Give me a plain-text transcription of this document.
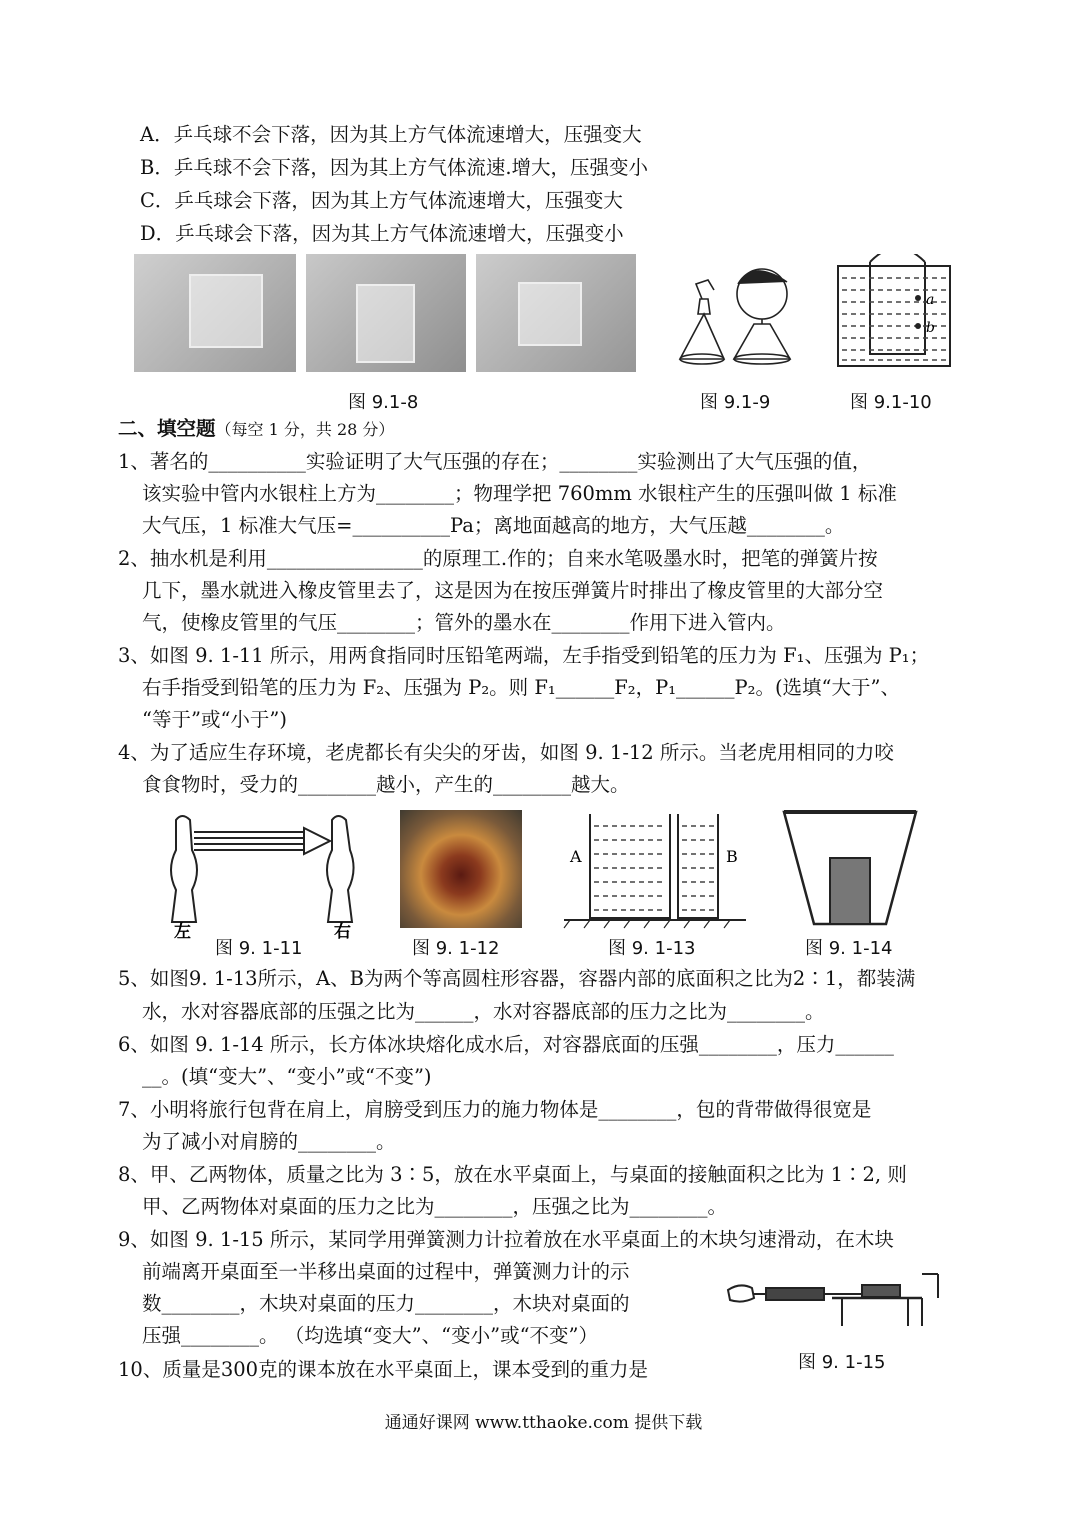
A．乒乓球不会下落，因为其上方气体流速增大，压强变大
B．乒乓球不会下落，因为其上方气体流速.增大，压强变小
C．乒乓球会下落，因为其上方气体流速增大，压强变大
D．乒乓球会下落，因为其上方气体流速增大，压强变小
图 9.1-8	图 9.1-9
a
b
图 9.1-10
二、填空题（每空 1 分，共 28 分）
1、著名的__________实验证明了大气压强的存在；________实验测出了大气压强的值，
该实验中管内水银柱上方为________；物理学把 760mm 水银柱产生的压强叫做 1 标准
大气压，1 标准大气压=__________Pa；离地面越高的地方，大气压越________。
2、抽水机是利用________________的原理工.作的；自来水笔吸墨水时，把笔的弹簧片按
几下，墨水就进入橡皮管里去了，这是因为在按压弹簧片时排出了橡皮管里的大部分空
气，使橡皮管里的气压________；管外的墨水在________作用下进入管内。
3、如图 9. 1-11 所示，用两食指同时压铅笔两端，左手指受到铅笔的压力为 F₁、压强为 P₁；
右手指受到铅笔的压力为 F₂、压强为 P₂。则 F₁______F₂，P₁______P₂。(选填“大于”、
“等于”或“小于”)
4、为了适应生存环境，老虎都长有尖尖的牙齿，如图 9. 1-12 所示。当老虎用相同的力咬
食食物时，受力的________越小，产生的________越大。
左	右
图 9. 1-11	图 9. 1-12
A	B
图 9. 1-13	图 9. 1-14
5、如图9. 1-13所示，A、B为两个等高圆柱形容器，容器内部的底面积之比为2∶1，都装满
水，水对容器底部的压强之比为______，水对容器底部的压力之比为________。
6、如图 9. 1-14 所示，长方体冰块熔化成水后，对容器底面的压强________，压力______
__。(填“变大”、“变小”或“不变”)
7、小明将旅行包背在肩上，肩膀受到压力的施力物体是________，包的背带做得很宽是
为了减小对肩膀的________。
8、甲、乙两物体，质量之比为 3∶5，放在水平桌面上，与桌面的接触面积之比为 1∶2, 则
甲、乙两物体对桌面的压力之比为________，压强之比为________。
9、如图 9. 1-15 所示，某同学用弹簧测力计拉着放在水平桌面上的木块匀速滑动，在木块
前端离开桌面至一半移出桌面的过程中，弹簧测力计的示
数________，木块对桌面的压力________，木块对桌面的
压强________。 （均选填“变大”、“变小”或“不变”）
图 9. 1-15
10、质量是300克的课本放在水平桌面上，课本受到的重力是
通通好课网 www.tthaoke.com 提供下载
